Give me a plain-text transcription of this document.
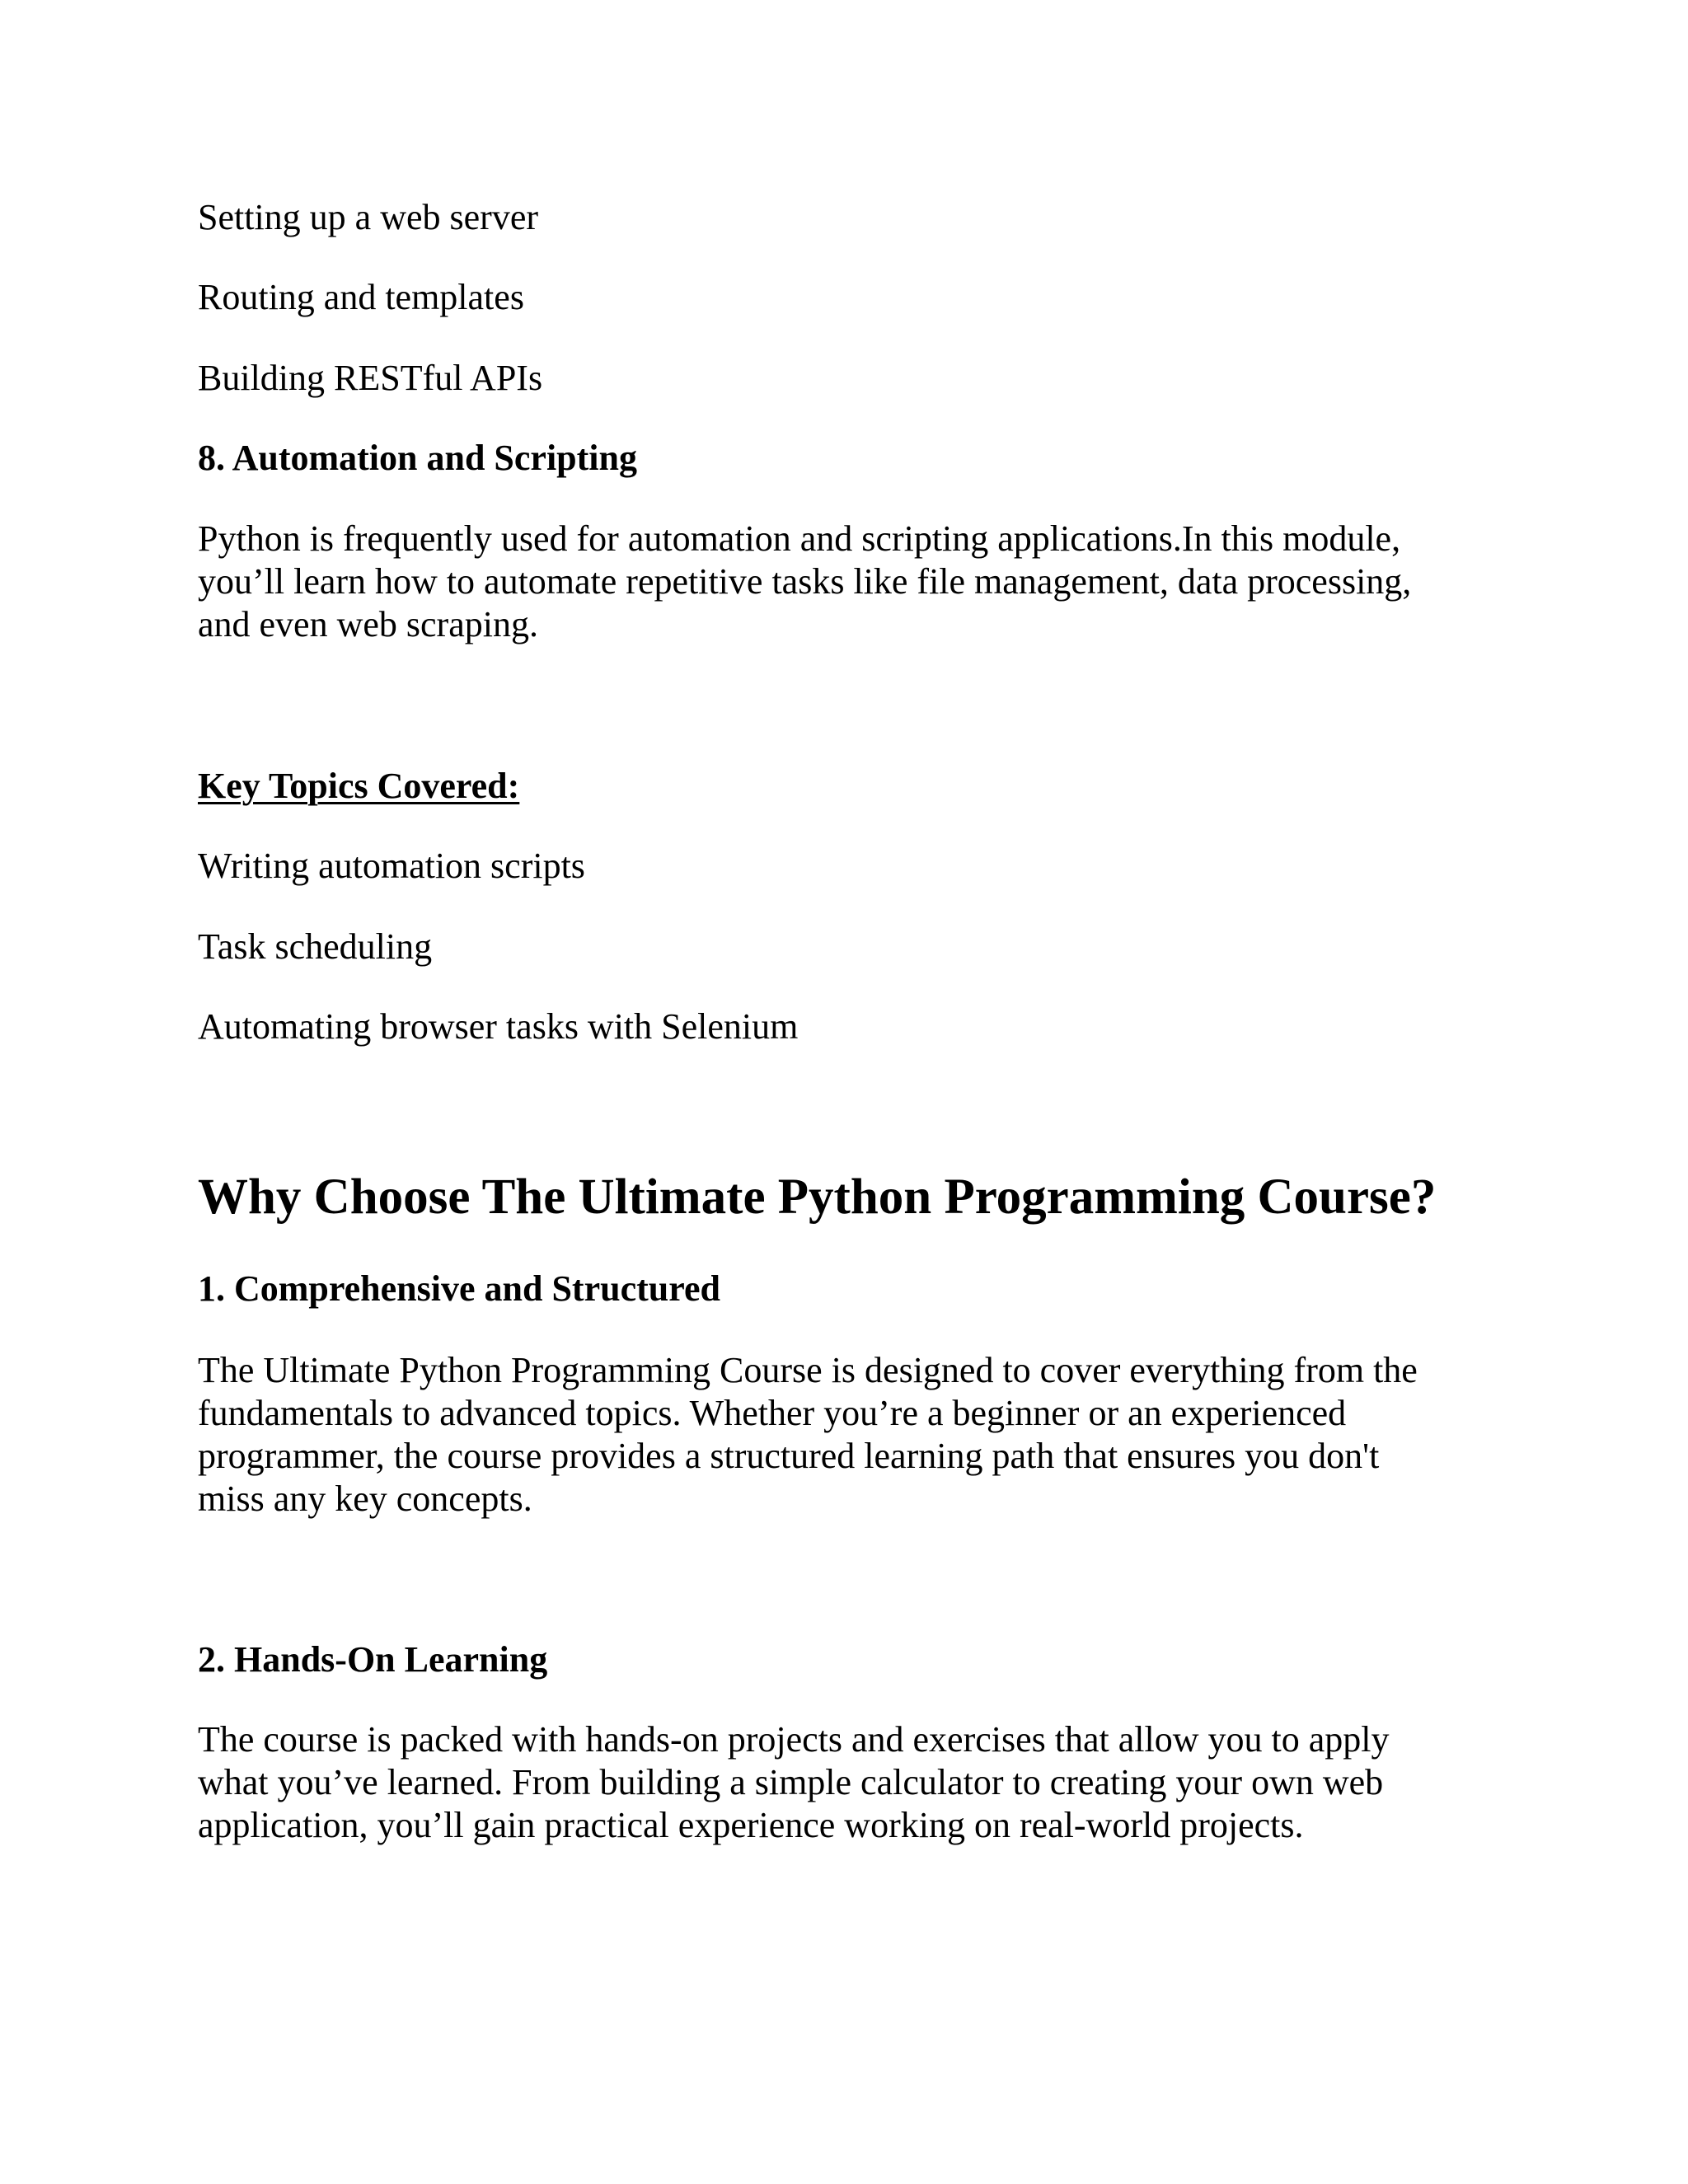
Setting up a web server

Routing and templates

Building RESTful APIs

8. Automation and Scripting
Python is frequently used for automation and scripting applications.In this module,
you’ll learn how to automate repetitive tasks like file management, data processing,
and even web scraping.

Key Topics Covered:

Writing automation scripts

Task scheduling

Automating browser tasks with Selenium

Why Choose The Ultimate Python Programming Course?
1. Comprehensive and Structured
The Ultimate Python Programming Course is designed to cover everything from the
fundamentals to advanced topics. Whether you’re a beginner or an experienced
programmer, the course provides a structured learning path that ensures you don't
miss any key concepts.
2. Hands-On Learning
The course is packed with hands-on projects and exercises that allow you to apply
what you’ve learned. From building a simple calculator to creating your own web
application, you’ll gain practical experience working on real-world projects.
